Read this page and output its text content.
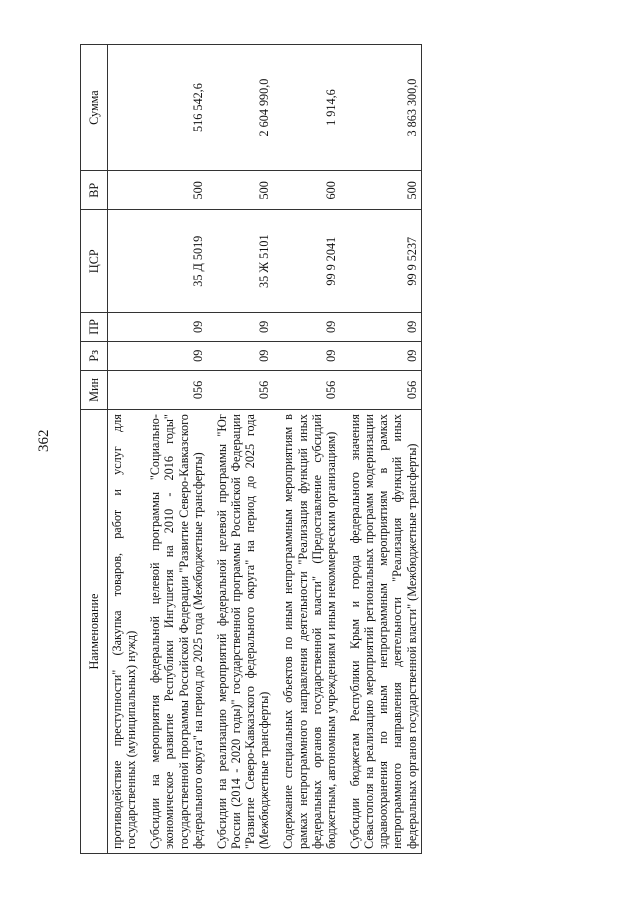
362
Наименование	Мин	Рз	ПР	ЦСР	ВР	Сумма
противодействие преступности" (Закупка товаров, работ и услуг для государственных (муниципальных) нужд)						
Субсидии на мероприятия федеральной целевой программы "Социально-экономическое развитие Республики Ингушетия на 2010 - 2016 годы" государственной программы Российской Федерации "Развитие Северо-Кавказского федерального округа" на период до 2025 года (Межбюджетные трансферты)	056	09	09	35 Д 5019	500	516 542,6
Субсидии на реализацию мероприятий федеральной целевой программы "Юг России (2014 - 2020 годы)" государственной программы Российской Федерации "Развитие Северо-Кавказского федерального округа" на период до 2025 года (Межбюджетные трансферты)	056	09	09	35 Ж 5101	500	2 604 990,0
Содержание специальных объектов по иным непрограммным мероприятиям в рамках непрограммного направления деятельности "Реализация функций иных федеральных органов государственной власти" (Предоставление субсидий бюджетным, автономным учреждениям и иным некоммерческим организациям)	056	09	09	99 9 2041	600	1 914,6
Субсидии бюджетам Республики Крым и города федерального значения Севастополя на реализацию мероприятий региональных программ модернизации здравоохранения по иным непрограммным мероприятиям в рамках непрограммного направления деятельности "Реализация функций иных федеральных органов государственной власти" (Межбюджетные трансферты)	056	09	09	99 9 5237	500	3 863 300,0
